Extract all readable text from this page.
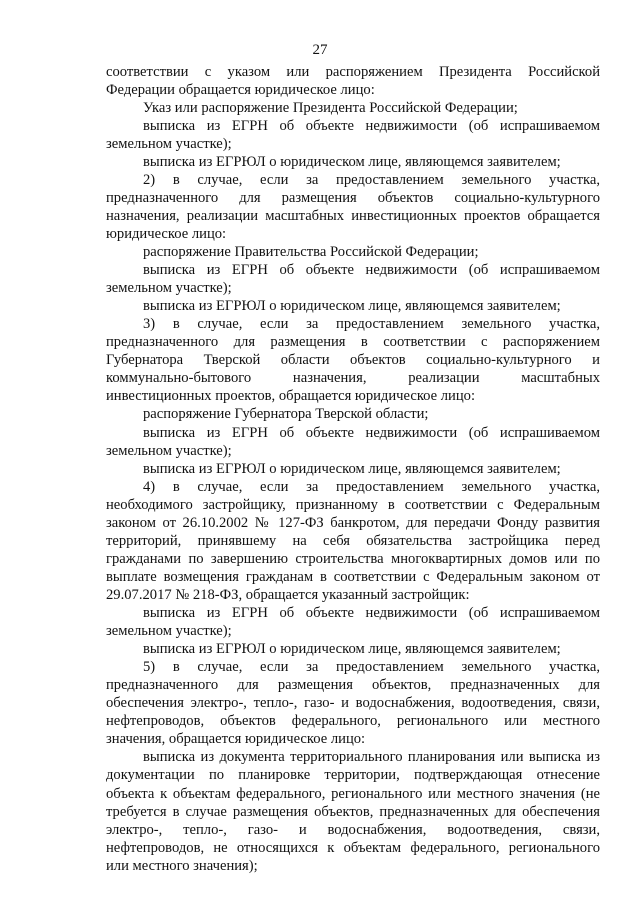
27
соответствии с указом или распоряжением Президента Российской
Федерации обращается юридическое лицо:
Указ или распоряжение Президента Российской Федерации;
выписка из ЕГРН об объекте недвижимости (об испрашиваемом
земельном участке);
выписка из ЕГРЮЛ о юридическом лице, являющемся заявителем;
2) в случае, если за предоставлением земельного участка,
предназначенного для размещения объектов социально-культурного
назначения, реализации масштабных инвестиционных проектов обращается
юридическое лицо:
распоряжение Правительства Российской Федерации;
выписка из ЕГРН об объекте недвижимости (об испрашиваемом
земельном участке);
выписка из ЕГРЮЛ о юридическом лице, являющемся заявителем;
3) в случае, если за предоставлением земельного участка,
предназначенного для размещения в соответствии с распоряжением
Губернатора Тверской области объектов социально-культурного и
коммунально-бытового назначения, реализации масштабных
инвестиционных проектов, обращается юридическое лицо:
распоряжение Губернатора Тверской области;
выписка из ЕГРН об объекте недвижимости (об испрашиваемом
земельном участке);
выписка из ЕГРЮЛ о юридическом лице, являющемся заявителем;
4) в случае, если за предоставлением земельного участка,
необходимого застройщику, признанному в соответствии с Федеральным
законом от 26.10.2002 № 127-ФЗ банкротом, для передачи Фонду развития
территорий, принявшему на себя обязательства застройщика перед
гражданами по завершению строительства многоквартирных домов или по
выплате возмещения гражданам в соответствии с Федеральным законом от
29.07.2017 № 218-ФЗ, обращается указанный застройщик:
выписка из ЕГРН об объекте недвижимости (об испрашиваемом
земельном участке);
выписка из ЕГРЮЛ о юридическом лице, являющемся заявителем;
5) в случае, если за предоставлением земельного участка,
предназначенного для размещения объектов, предназначенных для
обеспечения электро-, тепло-, газо- и водоснабжения, водоотведения, связи,
нефтепроводов, объектов федерального, регионального или местного
значения, обращается юридическое лицо:
выписка из документа территориального планирования или выписка из
документации по планировке территории, подтверждающая отнесение
объекта к объектам федерального, регионального или местного значения (не
требуется в случае размещения объектов, предназначенных для обеспечения
электро-, тепло-, газо- и водоснабжения, водоотведения, связи,
нефтепроводов, не относящихся к объектам федерального, регионального
или местного значения);
